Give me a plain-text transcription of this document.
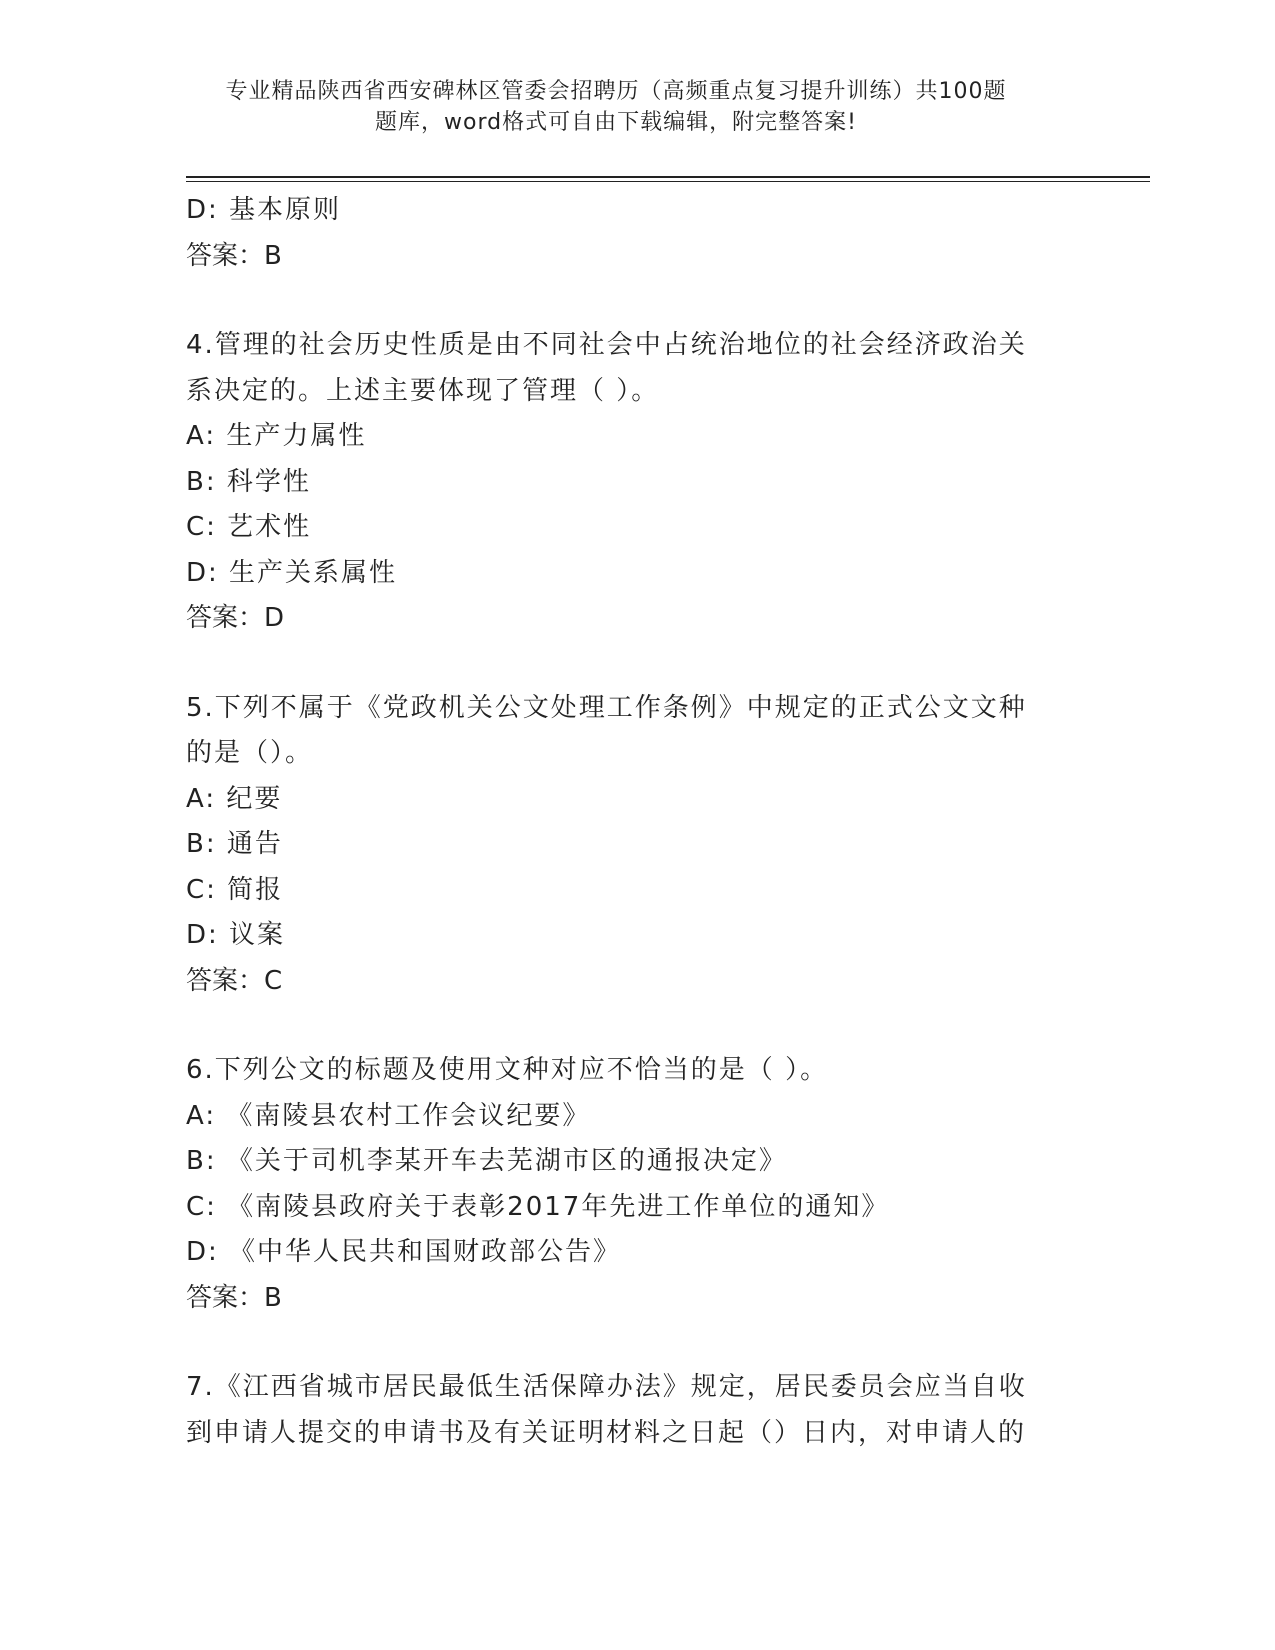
专业精品陕西省西安碑林区管委会招聘历（高频重点复习提升训练）共100题
题库，word格式可自由下载编辑，附完整答案!
D: 基本原则
答案：B
4.管理的社会历史性质是由不同社会中占统治地位的社会经济政治关
系决定的。上述主要体现了管理（ ）。
A: 生产力属性
B: 科学性
C: 艺术性
D: 生产关系属性
答案：D
5.下列不属于《党政机关公文处理工作条例》中规定的正式公文文种
的是（）。
A: 纪要
B: 通告
C: 简报
D: 议案
答案：C
6.下列公文的标题及使用文种对应不恰当的是（ ）。
A: 《南陵县农村工作会议纪要》
B: 《关于司机李某开车去芜湖市区的通报决定》
C: 《南陵县政府关于表彰2017年先进工作单位的通知》
D: 《中华人民共和国财政部公告》
答案：B
7.《江西省城市居民最低生活保障办法》规定，居民委员会应当自收
到申请人提交的申请书及有关证明材料之日起（）日内，对申请人的
